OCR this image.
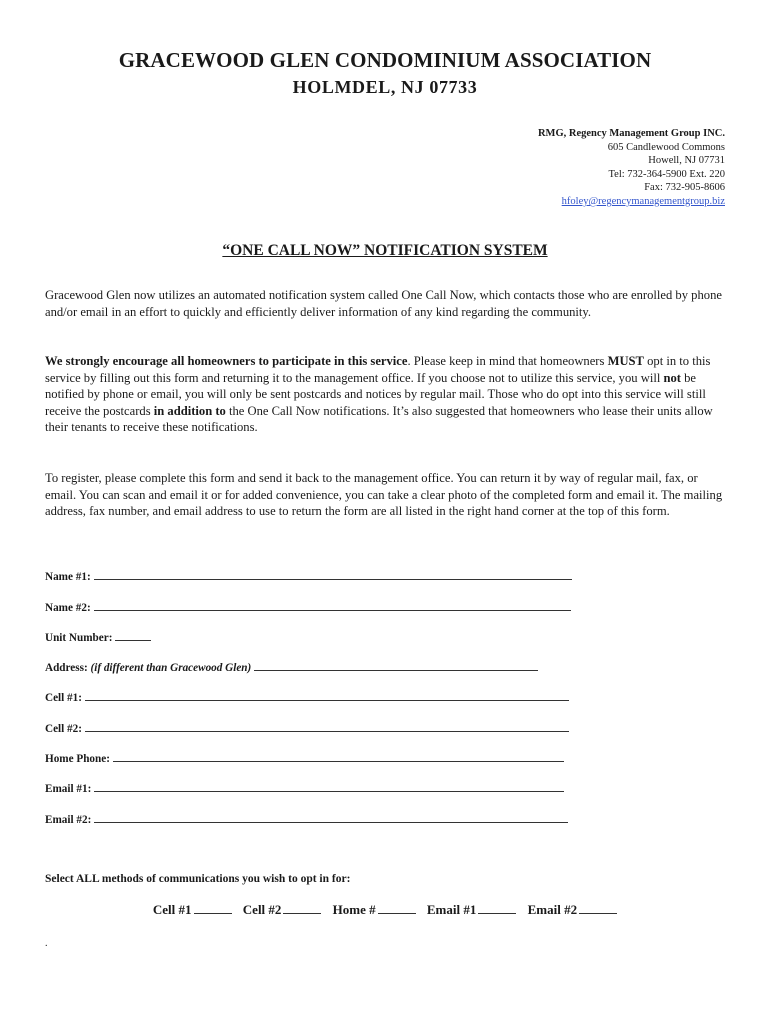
GRACEWOOD GLEN CONDOMINIUM ASSOCIATION
HOLMDEL, NJ 07733
RMG, Regency Management Group INC.
605 Candlewood Commons
Howell, NJ 07731
Tel: 732-364-5900 Ext. 220
Fax: 732-905-8606
hfoley@regencymanagementgroup.biz
“ONE CALL NOW” NOTIFICATION SYSTEM

Gracewood Glen now utilizes an automated notification system called One Call Now, which contacts those who are enrolled by phone and/or email in an effort to quickly and efficiently deliver information of any kind regarding the community.

We strongly encourage all homeowners to participate in this service. Please keep in mind that homeowners MUST opt in to this service by filling out this form and returning it to the management office. If you choose not to utilize this service, you will not be notified by phone or email, you will only be sent postcards and notices by regular mail. Those who do opt into this service will still receive the postcards in addition to the One Call Now notifications. It’s also suggested that homeowners who lease their units allow their tenants to receive these notifications.

To register, please complete this form and send it back to the management office. You can return it by way of regular mail, fax, or email. You can scan and email it or for added convenience, you can take a clear photo of the completed form and email it. The mailing address, fax number, and email address to use to return the form are all listed in the right hand corner at the top of this form.

Name #1:
Name #2:
Unit Number:
Address: (if different than Gracewood Glen)
Cell #1:
Cell #2:
Home Phone:
Email #1:
Email #2:
Select ALL methods of communications you wish to opt in for:
Cell #1	Cell #2	Home #	Email #1	Email #2
.
